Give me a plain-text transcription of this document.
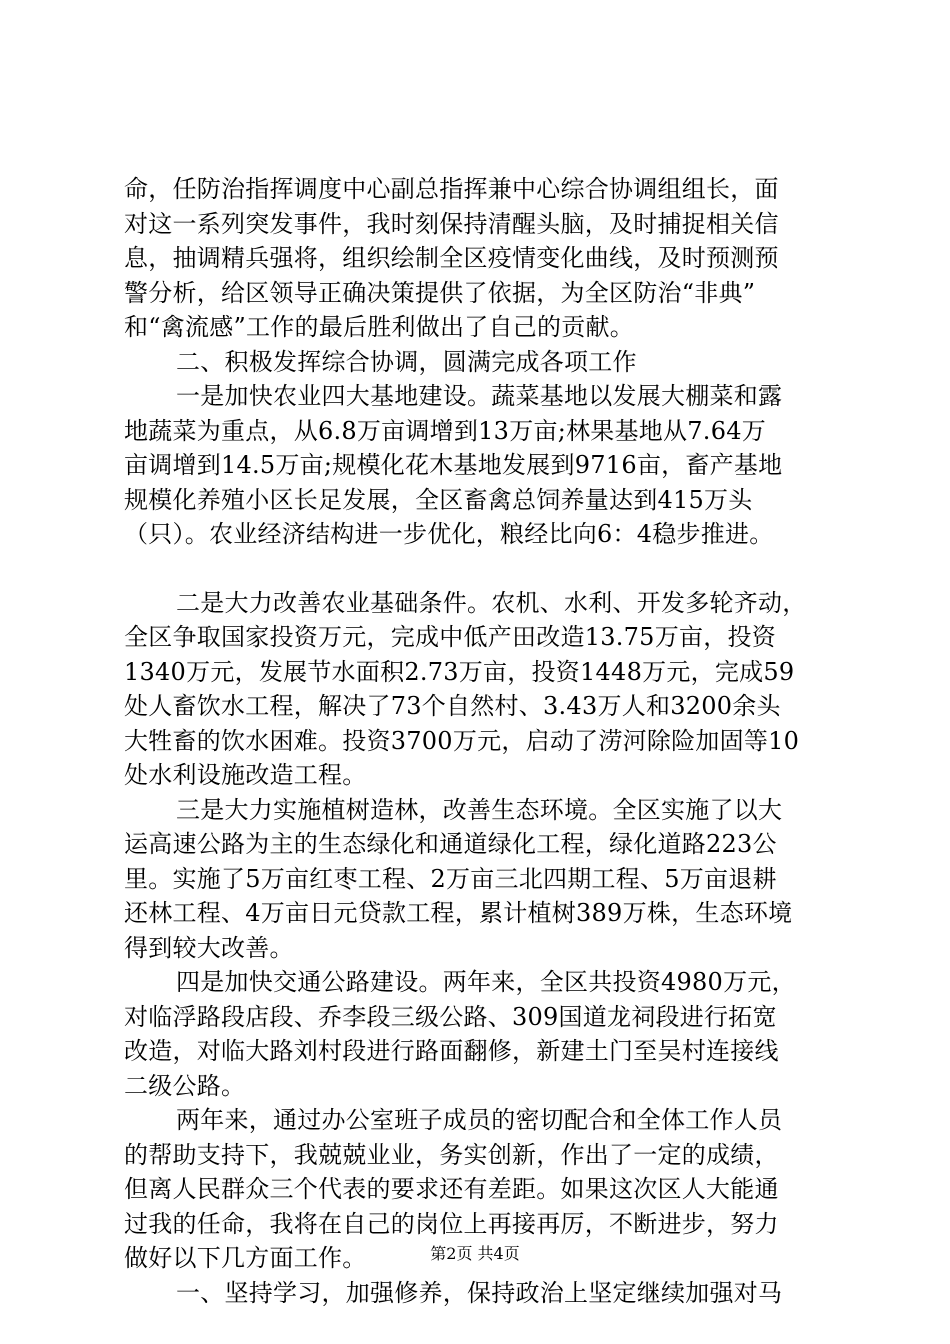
命，任防治指挥调度中心副总指挥兼中心综合协调组组长，面
对这一系列突发事件，我时刻保持清醒头脑，及时捕捉相关信
息，抽调精兵强将，组织绘制全区疫情变化曲线，及时预测预
警分析，给区领导正确决策提供了依据，为全区防治“非典”
和“禽流感”工作的最后胜利做出了自己的贡献。
二、积极发挥综合协调，圆满完成各项工作
一是加快农业四大基地建设。蔬菜基地以发展大棚菜和露
地蔬菜为重点，从6.8万亩调增到13万亩;林果基地从7.64万
亩调增到14.5万亩;规模化花木基地发展到9716亩，畜产基地
规模化养殖小区长足发展，全区畜禽总饲养量达到415万头
（只）。农业经济结构进一步优化，粮经比向6：4稳步推进。
二是大力改善农业基础条件。农机、水利、开发多轮齐动，
全区争取国家投资万元，完成中低产田改造13.75万亩，投资
1340万元，发展节水面积2.73万亩，投资1448万元，完成59
处人畜饮水工程，解决了73个自然村、3.43万人和3200余头
大牲畜的饮水困难。投资3700万元，启动了涝河除险加固等10
处水利设施改造工程。
三是大力实施植树造林，改善生态环境。全区实施了以大
运高速公路为主的生态绿化和通道绿化工程，绿化道路223公
里。实施了5万亩红枣工程、2万亩三北四期工程、5万亩退耕
还林工程、4万亩日元贷款工程，累计植树389万株，生态环境
得到较大改善。
四是加快交通公路建设。两年来，全区共投资4980万元，
对临浮路段店段、乔李段三级公路、309国道龙祠段进行拓宽
改造，对临大路刘村段进行路面翻修，新建土门至吴村连接线
二级公路。
两年来，通过办公室班子成员的密切配合和全体工作人员
的帮助支持下，我兢兢业业，务实创新，作出了一定的成绩，
但离人民群众三个代表的要求还有差距。如果这次区人大能通
过我的任命，我将在自己的岗位上再接再厉，不断进步，努力
做好以下几方面工作。
一、坚持学习，加强修养，保持政治上坚定继续加强对马
第2页 共4页
